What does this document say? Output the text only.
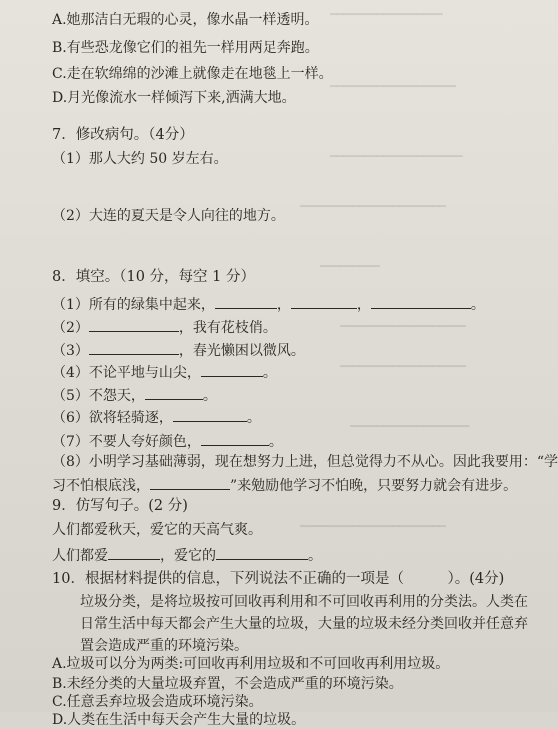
━━━━━━━━━━━━━━━━━
━━━━━━━━━━━━━━━━━━━
━━━━━━━━━━━━━━━━━━━━
━━━━━━━━━━━━━━━━━━━━━━
━━━━━━━━━
━━━━━━━━━━━━━━━━━━━
━━━━━━━━━━━━━━━━━━━
━━━━━━━━━━━━━━━━━━
━━━━━━━━━━━━━━━━━━━━━━
A.她那洁白无瑕的心灵，像水晶一样透明。
B.有些恐龙像它们的祖先一样用两足奔跑。
C.走在软绵绵的沙滩上就像走在地毯上一样。
D.月光像流水一样倾泻下来,洒满大地。
7．修改病句。（4分）
（1）那人大约 50 岁左右。
（2）大连的夏天是令人向往的地方。
8．填空。（10 分，每空 1 分）
（1）所有的绿集中起来，	，	，	。
（2）	，我有花枝俏。
（3）	，春光懒困以微风。
（4）不论平地与山尖，	。
（5）不怨天，	。
（6）欲将轻骑逐，	。
（7）不要人夸好颜色，	。
（8）小明学习基础薄弱，现在想努力上进，但总觉得力不从心。因此我要用：“学
习不怕根底浅，	”来勉励他学习不怕晚，只要努力就会有进步。
9．仿写句子。(2 分)
人们都爱秋天，爱它的天高气爽。
人们都爱	，爱它的	。
10．根据材料提供的信息，下列说法不正确的一项是（　　　）。(4分)
垃圾分类，是将垃圾按可回收再利用和不可回收再利用的分类法。人类在日常生活中每天都会产生大量的垃圾，大量的垃圾未经分类回收并任意弃置会造成严重的环境污染。
A.垃圾可以分为两类:可回收再利用垃圾和不可回收再利用垃圾。
B.未经分类的大量垃圾弃置，不会造成严重的环境污染。
C.任意丢弃垃圾会造成环境污染。
D.人类在生活中每天会产生大量的垃圾。
